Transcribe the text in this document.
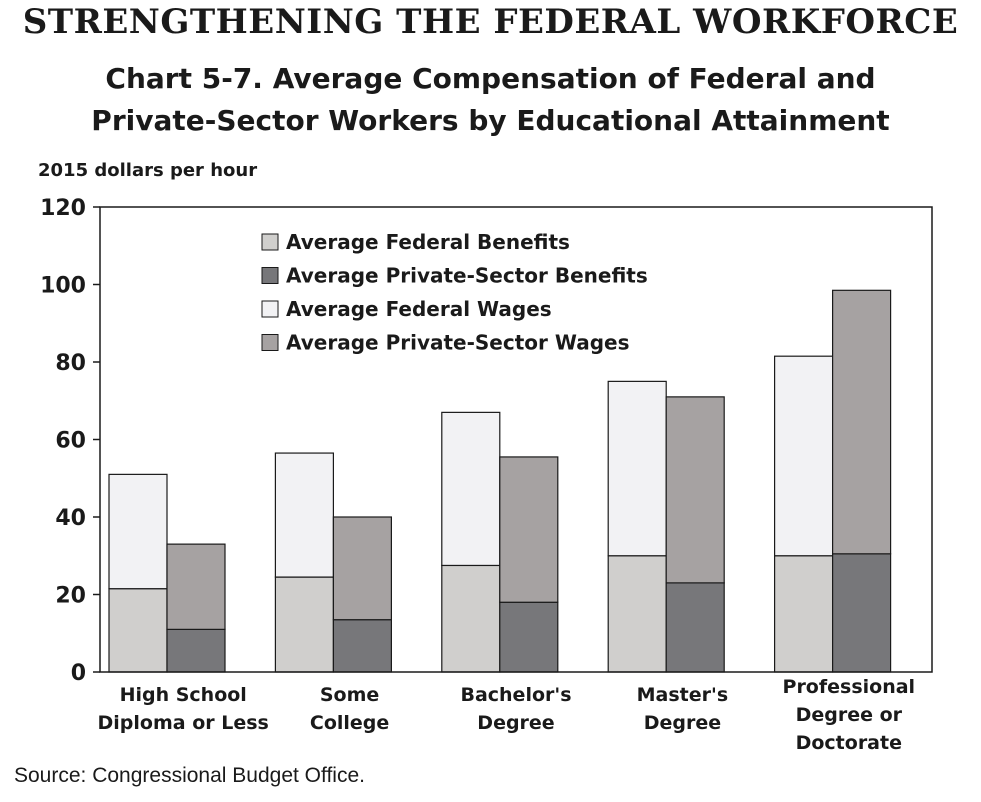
STRENGTHENING THE FEDERAL WORKFORCE
Chart 5-7. Average Compensation of Federal and
Private-Sector Workers by Educational Attainment
2015 dollars per hour
0
20
40
60
80
100
120
High School Diploma or Less
Some College
Bachelor's Degree
Master's Degree
Professional Degree or Doctorate
Average Federal Benefits
Average Private-Sector Benefits
Average Federal Wages
Average Private-Sector Wages
Source: Congressional Budget Office.
